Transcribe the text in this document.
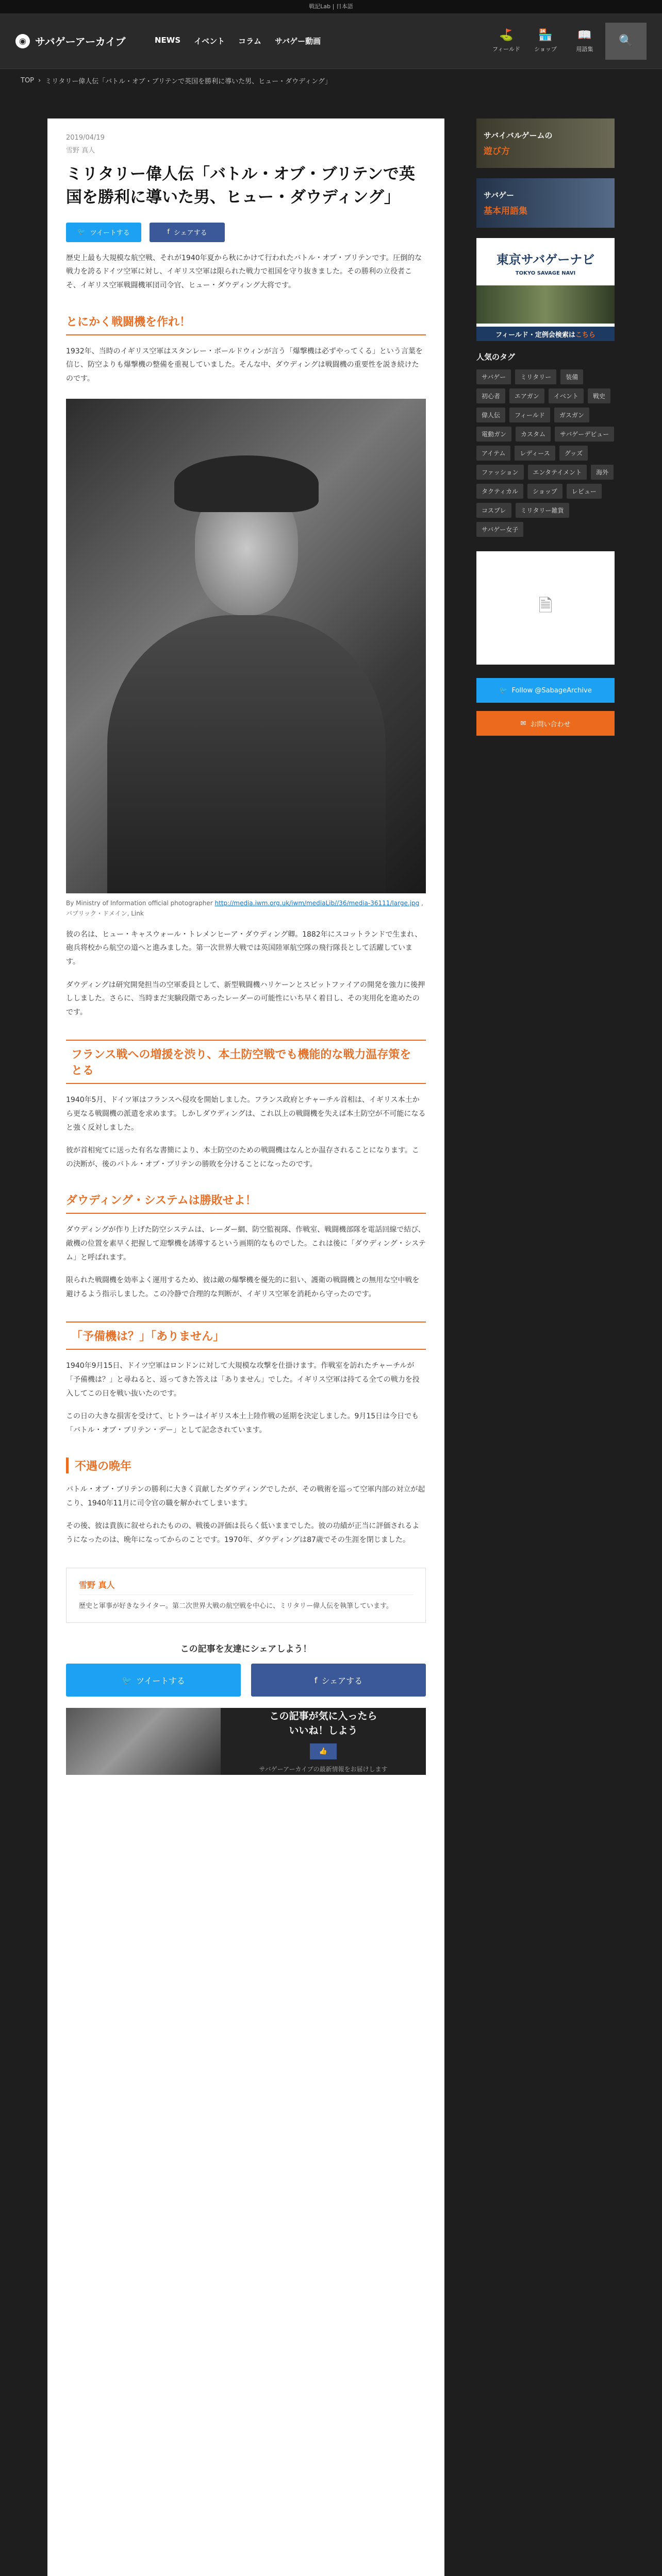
戦記Lab | 日本語
◉ サバゲーアーカイブ	NEWS イベント コラム サバゲー動画	⛳
フィールド
🏪
ショップ
📖
用語集
🔍
TOP › ミリタリー偉人伝「バトル・オブ・ブリテンで英国を勝利に導いた男、ヒュー・ダウディング」
2019/04/19
雪野 真人
ミリタリー偉人伝「バトル・オブ・ブリテンで英国を勝利に導いた男、ヒュー・ダウディング」
🐦 ツイートする	f シェアする

歴史上最も大規模な航空戦、それが1940年夏から秋にかけて行われたバトル・オブ・ブリテンです。圧倒的な戦力を誇るドイツ空軍に対し、イギリス空軍は限られた戦力で祖国を守り抜きました。その勝利の立役者こそ、イギリス空軍戦闘機軍団司令官、ヒュー・ダウディング大将です。

とにかく戦闘機を作れ！

1932年、当時のイギリス空軍はスタンレー・ボールドウィンが言う「爆撃機は必ずやってくる」という言葉を信じ、防空よりも爆撃機の整備を重視していました。そんな中、ダウディングは戦闘機の重要性を説き続けたのです。

By Ministry of Information official photographer http://media.iwm.org.uk/iwm/mediaLib//36/media-36111/large.jpg , パブリック・ドメイン, Link

彼の名は、ヒュー・キャスウォール・トレメンヒーア・ダウディング卿。1882年にスコットランドで生まれ、砲兵将校から航空の道へと進みました。第一次世界大戦では英国陸軍航空隊の飛行隊長として活躍しています。

ダウディングは研究開発担当の空軍委員として、新型戦闘機ハリケーンとスピットファイアの開発を強力に後押ししました。さらに、当時まだ実験段階であったレーダーの可能性にいち早く着目し、その実用化を進めたのです。

フランス戦への増援を渋り、本土防空戦でも機能的な戦力温存策をとる

1940年5月、ドイツ軍はフランスへ侵攻を開始しました。フランス政府とチャーチル首相は、イギリス本土から更なる戦闘機の派遣を求めます。しかしダウディングは、これ以上の戦闘機を失えば本土防空が不可能になると強く反対しました。

彼が首相宛てに送った有名な書簡により、本土防空のための戦闘機はなんとか温存されることになります。この決断が、後のバトル・オブ・ブリテンの勝敗を分けることになったのです。

ダウディング・システムは勝敗せよ！

ダウディングが作り上げた防空システムは、レーダー網、防空監視隊、作戦室、戦闘機部隊を電話回線で結び、敵機の位置を素早く把握して迎撃機を誘導するという画期的なものでした。これは後に「ダウディング・システム」と呼ばれます。

限られた戦闘機を効率よく運用するため、彼は敵の爆撃機を優先的に狙い、護衛の戦闘機との無用な空中戦を避けるよう指示しました。この冷静で合理的な判断が、イギリス空軍を消耗から守ったのです。

「予備機は？」「ありません」

1940年9月15日、ドイツ空軍はロンドンに対して大規模な攻撃を仕掛けます。作戦室を訪れたチャーチルが「予備機は？」と尋ねると、返ってきた答えは「ありません」でした。イギリス空軍は持てる全ての戦力を投入してこの日を戦い抜いたのです。

この日の大きな損害を受けて、ヒトラーはイギリス本土上陸作戦の延期を決定しました。9月15日は今日でも「バトル・オブ・ブリテン・デー」として記念されています。

不遇の晩年

バトル・オブ・ブリテンの勝利に大きく貢献したダウディングでしたが、その戦術を巡って空軍内部の対立が起こり、1940年11月に司令官の職を解かれてしまいます。

その後、彼は貴族に叙せられたものの、戦後の評価は長らく低いままでした。彼の功績が正当に評価されるようになったのは、晩年になってからのことです。1970年、ダウディングは87歳でその生涯を閉じました。

雪野 真人
歴史と軍事が好きなライター。第二次世界大戦の航空戦を中心に、ミリタリー偉人伝を執筆しています。
この記事を友達にシェアしよう！
🐦 ツイートする	f シェアする
この記事が気に入ったら
いいね！しよう
👍
サバゲーアーカイブの最新情報をお届けします
サバイバルゲームの
遊び方
サバゲー
基本用語集
東京サバゲーナビ
TOKYO SAVAGE NAVI
フィールド・定例会検索は こちら
人気のタグ
サバゲー	ミリタリー	装備
初心者	エアガン	イベント	戦史
偉人伝	フィールド	ガスガン
電動ガン	カスタム	サバゲーデビュー
アイテム	レディース	グッズ
ファッション	エンタテイメント	海外
タクティカル	ショップ	レビュー
コスプレ	ミリタリー雑貨
サバゲー女子
🗎
🐦 Follow @SabageArchive
✉ お問い合わせ
